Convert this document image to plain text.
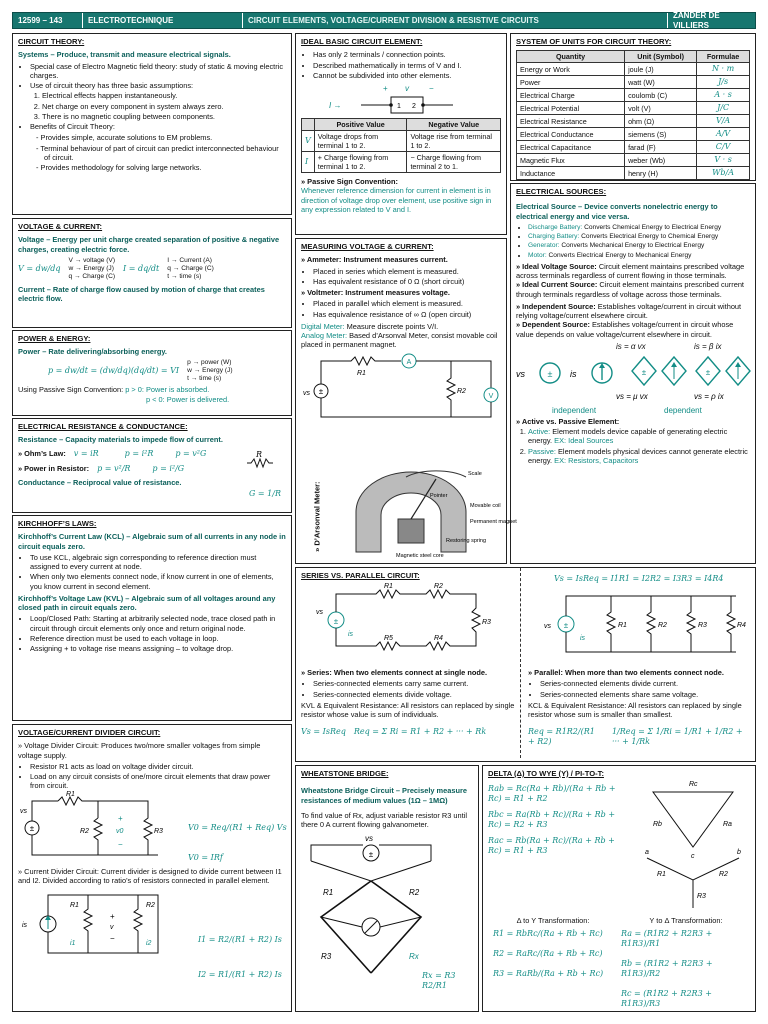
12599 – 143	ELECTROTECHNIQUE	CIRCUIT ELEMENTS, VOLTAGE/CURRENT DIVISION & RESISTIVE CIRCUITS
ZANDER DE VILLIERS
CIRCUIT THEORY:
Systems – Produce, transmit and measure electrical signals.
• Special case of Electro Magnetic field theory: study of static & moving electric charges.
• Use of circuit theory has three basic assumptions:
1. Electrical effects happen instantaneously.
2. Net charge on every component in system always zero.
3. There is no magnetic coupling between components.
• Benefits of Circuit Theory:
- Provides simple, accurate solutions to EM problems.
- Terminal behaviour of part of circuit can predict interconnected behaviour of circuit.
- Provides methodology for solving large networks.
VOLTAGE & CURRENT:
Voltage – Energy per unit charge created separation of positive & negative charges, creating electric force.
V = dw/dq
V → voltage (V)
w → Energy (J)
q → Charge (C)
I = dq/dt
I → Current (A)
q → Charge (C)
t → time (s)
Current – Rate of charge flow caused by motion of charge that creates electric flow.
POWER & ENERGY:
Power – Rate delivering/absorbing energy.
p = dw/dt = (dw/dq)(dq/dt) = VI
p → power (W)
w → Energy (J)
t → time (s)
Using Passive Sign Convention: p > 0: Power is absorbed.
p < 0: Power is delivered.
ELECTRICAL RESISTANCE & CONDUCTANCE:
Resistance – Capacity materials to impede flow of current.
» Ohm’s Law: v = iR	p = i²R	p = v²G
» Power in Resistor: p = v²/R	p = i²/G
Conductance – Reciprocal value of resistance.
R
G = 1/R
KIRCHHOFF’S LAWS:
Kirchhoff’s Current Law (KCL) – Algebraic sum of all currents in any node in circuit equals zero.
• To use KCL, algebraic sign corresponding to reference direction must assigned to every current at node.
• When only two elements connect node, if know current in one of elements, you know current in second element.
Kirchhoff’s Voltage Law (KVL) – Algebraic sum of all voltages around any closed path in circuit equals zero.
• Loop/Closed Path: Starting at arbitrarily selected node, trace closed path in circuit through circuit elements only once and return original node.
• Reference direction must be used to each voltage in loop.
• Assigning + to voltage rise means assigning – to voltage drop.
VOLTAGE/CURRENT DIVIDER CIRCUIT:
» Voltage Divider Circuit: Produces two/more smaller voltages from simple voltage supply.
• Resistor R1 acts as load on voltage divider circuit.
• Load on any circuit consists of one/more circuit elements that draw power from circuit.
±
vs
R1
R2	R3
+
v0
−
V0 = Req/(R1 + Req) Vs
V0 = IRf
» Current Divider Circuit: Current divider is designed to divide current between I1 and I2. Divided according to ratio’s of resistors connected in parallel element.
is
R1	R2
i1	i2
+
v
−	I1 = R2/(R1 + R2) Is
I2 = R1/(R1 + R2) Is
IDEAL BASIC CIRCUIT ELEMENT:
• Has only 2 terminals / connection points.
• Described mathematically in terms of V and I.
• Cannot be subdivided into other elements.
+ v	−
I →	1 2
	Positive Value	Negative Value
V	Voltage drops from terminal 1 to 2.	Voltage rise from terminal 1 to 2.
I	+ Charge flowing from terminal 1 to 2.	− Charge flowing from terminal 2 to 1.
» Passive Sign Convention:
Whenever reference dimension for current in element is in direction of voltage drop over element, use positive sign in any expression related to V and I.
MEASURING VOLTAGE & CURRENT:
» Ammeter: Instrument measures current.
• Placed in series which element is measured.
• Has equivalent resistance of 0 Ω (short circuit)
» Voltmeter: Instrument measures voltage.
• Placed in parallel which element is measured.
• Has equivalence resistance of ∞ Ω (open circuit)
Digital Meter: Measure discrete points V/I.
Analog Meter: Based d’Arsonval Meter, consist movable coil placed in permanent magnet.
±
vs
R1
A
R2
V
» D’Arsonval Meter:
Scale
Pointer
Movable coil
Permanent magnet
Restoring spring
Magnetic steel core
SYSTEM OF UNITS FOR CIRCUIT THEORY:
Quantity	Unit (Symbol)	Formulae
Energy or Work	joule (J)	N · m
Power	watt (W)	J/s
Electrical Charge	coulomb (C)	A · s
Electrical Potential	volt (V)	J/C
Electrical Resistance	ohm (Ω)	V/A
Electrical Conductance	siemens (S)	A/V
Electrical Capacitance	farad (F)	C/V
Magnetic Flux	weber (Wb)	V · s
Inductance	henry (H)	Wb/A
ELECTRICAL SOURCES:
Electrical Source – Device converts nonelectric energy to electrical energy and vice versa.
• Discharge Battery: Converts Chemical Energy to Electrical Energy
• Charging Battery: Converts Electrical Energy to Chemical Energy
• Generator: Converts Mechanical Energy to Electrical Energy
• Motor: Converts Electrical Energy to Mechanical Energy
» Ideal Voltage Source: Circuit element maintains prescribed voltage across terminals regardless of current flowing in those terminals.
» Ideal Current Source: Circuit element maintains prescribed current through terminals regardless of voltage across those terminals.
» Independent Source: Establishes voltage/current in circuit without relying voltage/current elsewhere circuit.
» Dependent Source: Establishes voltage/current in circuit whose value depends on value voltage/current elsewhere in circuit.
is = α vx	is = β ix
vs	± is	±	±
vs = μ vx	vs = ρ ix
independent	dependent
» Active vs. Passive Element:
1. Active: Element models device capable of generating electric energy. EX: Ideal Sources
2. Passive: Element models physical devices cannot generate electric energy. EX: Resistors, Capacitors
SERIES VS. PARALLEL CIRCUIT:	Vs = IsReq = I1R1 = I2R2 = I3R3 = I4R4
±
vs
is
R1	R2
R3
R4
R5
±
vs
is
R1	R2	R3	R4
» Series: When two elements connect at single node.
• Series-connected elements carry same current.
• Series-connected elements divide voltage.
KVL & Equivalent Resistance: All resistors can replaced by single resistor whose value is sum of individuals.
Vs = IsReq Req = Σ Ri = R1 + R2 + ··· + Rk
» Parallel: When more than two elements connect node.
• Series-connected elements divide current.
• Series-connected elements share same voltage.
KCL & Equivalent Resistance: All resistors can replaced by single resistor whose sum is smaller than smallest.
Req = R1R2/(R1 + R2)
1/Req = Σ 1/Ri = 1/R1 + 1/R2 + ··· + 1/Rk
WHEATSTONE BRIDGE:
Wheatstone Bridge Circuit – Precisely measure resistances of medium values (1Ω – 1MΩ)
To find value of Rx, adjust variable resistor R3 until there 0 A current flowing galvanometer.
vs
±
R1	R2
R3	Rx
Rx = R3 R2/R1
DELTA (Δ) TO WYE (Y) / PI-TO-T:
Rab = Rc(Ra + Rb)/(Ra + Rb + Rc) = R1 + R2
Rbc = Ra(Rb + Rc)/(Ra + Rb + Rc) = R2 + R3
Rac = Rb(Ra + Rc)/(Ra + Rb + Rc) = R1 + R3
Rc
Rb	Ra
a	b
c
R1	R2
R3
Δ to Y Transformation:
R1 = RbRc/(Ra + Rb + Rc)
R2 = RaRc/(Ra + Rb + Rc)
R3 = RaRb/(Ra + Rb + Rc)
Y to Δ Transformation:
Ra = (R1R2 + R2R3 + R1R3)/R1
Rb = (R1R2 + R2R3 + R1R3)/R2
Rc = (R1R2 + R2R3 + R1R3)/R3
